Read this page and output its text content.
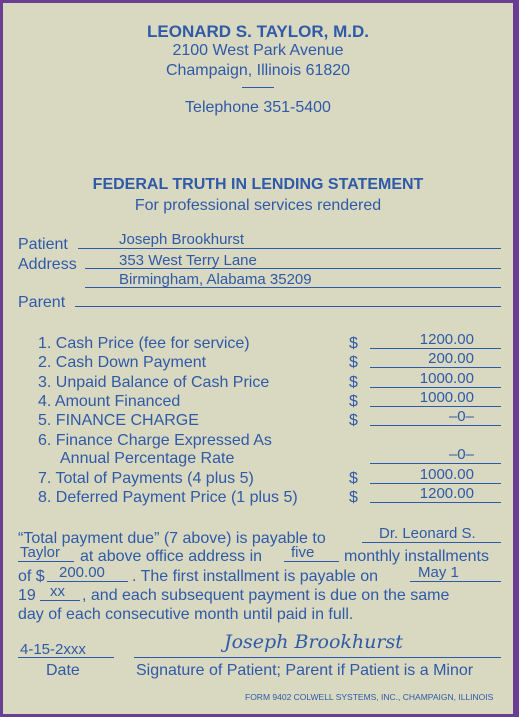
LEONARD S. TAYLOR, M.D.
2100 West Park Avenue
Champaign, Illinois 61820
Telephone 351-5400
FEDERAL TRUTH IN LENDING STATEMENT
For professional services rendered
Patient	Joseph Brookhurst
Address	353 West Terry Lane
Birmingham, Alabama 35209
Parent
1. Cash Price (fee for service)	$	1200.00
2. Cash Down Payment	$	200.00
3. Unpaid Balance of Cash Price	$	1000.00
4. Amount Financed	$	1000.00
5. FINANCE CHARGE	$	–0–
6. Finance Charge Expressed As
Annual Percentage Rate	–0–
7. Total of Payments (4 plus 5)	$	1000.00
8. Deferred Payment Price (1 plus 5)	$	1200.00
“Total payment due” (7 above) is payable to	Dr. Leonard S.
Taylor at above office address in five monthly installments
of $ 200.00 . The first installment is payable on	May 1
19 xx , and each subsequent payment is due on the same
day of each consecutive month until paid in full.
4-15-2xxx
Date
Joseph Brookhurst
Signature of Patient; Parent if Patient is a Minor
FORM 9402 COLWELL SYSTEMS, INC., CHAMPAIGN, ILLINOIS
